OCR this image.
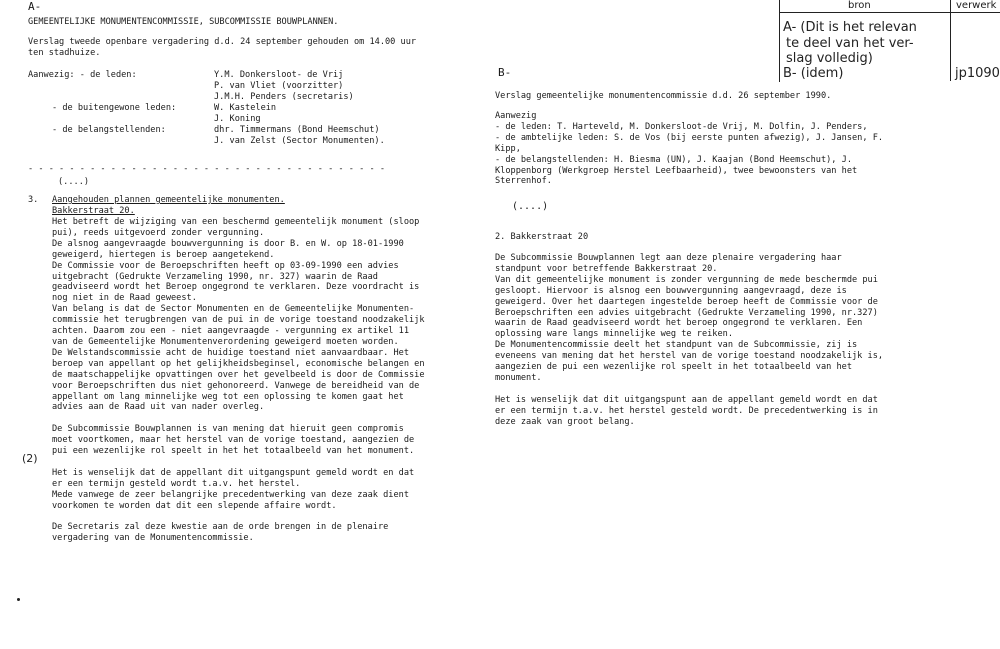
bron	verwerk
A- (Dit is het relevan
te deel van het ver-
slag volledig)
B- (idem)	jp1090
A-
GEMEENTELIJKE MONUMENTENCOMMISSIE, SUBCOMMISSIE BOUWPLANNEN.
Verslag tweede openbare vergadering d.d. 24 september gehouden om 14.00 uur
ten stadhuize.
Aanwezig: - de leden:	Y.M. Donkersloot- de Vrij
P. van Vliet (voorzitter)
J.M.H. Penders (secretaris)
- de buitengewone leden:	W. Kastelein
J. Koning
- de belangstellenden:	dhr. Timmermans (Bond Heemschut)
J. van Zelst (Sector Monumenten).
- - - - - - - - - - - - - - - - - - - - - - - - - - - - - - - - - - -
(....)
3. Aangehouden plannen gemeentelijke monumenten.
Bakkerstraat 20.
Het betreft de wijziging van een beschermd gemeentelijk monument (sloop
pui), reeds uitgevoerd zonder vergunning.
De alsnog aangevraagde bouwvergunning is door B. en W. op 18-01-1990
geweigerd, hiertegen is beroep aangetekend.
De Commissie voor de Beroepschriften heeft op 03-09-1990 een advies
uitgebracht (Gedrukte Verzameling 1990, nr. 327) waarin de Raad
geadviseerd wordt het Beroep ongegrond te verklaren. Deze voordracht is
nog niet in de Raad geweest.
Van belang is dat de Sector Monumenten en de Gemeentelijke Monumenten-
commissie het terugbrengen van de pui in de vorige toestand noodzakelijk
achten. Daarom zou een - niet aangevraagde - vergunning ex artikel 11
van de Gemeentelijke Monumentenverordening geweigerd moeten worden.
De Welstandscommissie acht de huidige toestand niet aanvaardbaar. Het
beroep van appellant op het gelijkheidsbeginsel, economische belangen en
de maatschappelijke opvattingen over het gevelbeeld is door de Commissie
voor Beroepschriften dus niet gehonoreerd. Vanwege de bereidheid van de
appellant om lang minnelijke weg tot een oplossing te komen gaat het
advies aan de Raad uit van nader overleg.
De Subcommissie Bouwplannen is van mening dat hieruit geen compromis
moet voortkomen, maar het herstel van de vorige toestand, aangezien de
pui een wezenlijke rol speelt in het het totaalbeeld van het monument.
Het is wenselijk dat de appellant dit uitgangspunt gemeld wordt en dat
er een termijn gesteld wordt t.a.v. het herstel.
Mede vanwege de zeer belangrijke precedentwerking van deze zaak dient
voorkomen te worden dat dit een slepende affaire wordt.
De Secretaris zal deze kwestie aan de orde brengen in de plenaire
vergadering van de Monumentencommissie.
(2)
B-
Verslag gemeentelijke monumentencommissie d.d. 26 september 1990.
Aanwezig
- de leden: T. Harteveld, M. Donkersloot-de Vrij, M. Dolfin, J. Penders,
- de ambtelijke leden: S. de Vos (bij eerste punten afwezig), J. Jansen, F.
Kipp,
- de belangstellenden: H. Biesma (UN), J. Kaajan (Bond Heemschut), J.
Kloppenborg (Werkgroep Herstel Leefbaarheid), twee bewoonsters van het
Sterrenhof.
(....)
2. Bakkerstraat 20
De Subcommissie Bouwplannen legt aan deze plenaire vergadering haar
standpunt voor betreffende Bakkerstraat 20.
Van dit gemeentelijke monument is zonder vergunning de mede beschermde pui
gesloopt. Hiervoor is alsnog een bouwvergunning aangevraagd, deze is
geweigerd. Over het daartegen ingestelde beroep heeft de Commissie voor de
Beroepschriften een advies uitgebracht (Gedrukte Verzameling 1990, nr.327)
waarin de Raad geadviseerd wordt het beroep ongegrond te verklaren. Een
oplossing ware langs minnelijke weg te reiken.
De Monumentencommissie deelt het standpunt van de Subcommissie, zij is
eveneens van mening dat het herstel van de vorige toestand noodzakelijk is,
aangezien de pui een wezenlijke rol speelt in het totaalbeeld van het
monument.
Het is wenselijk dat dit uitgangspunt aan de appellant gemeld wordt en dat
er een termijn t.a.v. het herstel gesteld wordt. De precedentwerking is in
deze zaak van groot belang.
